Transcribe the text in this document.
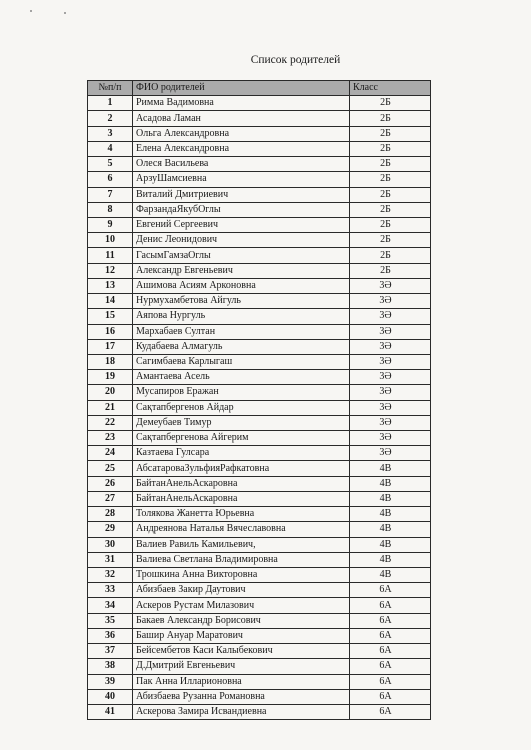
Список родителей
№п/п	ФИО родителей	Класс
1	Римма Вадимовна	2Б
2	Асадова Ламан	2Б
3	Ольга Александровна	2Б
4	Елена Александровна	2Б
5	Олеся Васильева	2Б
6	АрзуШамсиевна	2Б
7	Виталий Дмитриевич	2Б
8	ФарзандаЯкубОглы	2Б
9	Евгений Сергеевич	2Б
10	Денис Леонидович	2Б
11	ГасымГамзаОглы	2Б
12	Александр Евгеньевич	2Б
13	Ашимова Асиям Арконовна	3Ә
14	Нурмухамбетова Айгуль	3Ә
15	Аяпова Нургуль	3Ә
16	Мархабаев Султан	3Ә
17	Кудабаева Алмагуль	3Ә
18	Сагимбаева Карлыгаш	3Ә
19	Амантаева Асель	3Ә
20	Мусапиров Еражан	3Ә
21	Сақтапбергенов Айдар	3Ә
22	Демеубаев Тимур	3Ә
23	Сақтапбергенова Айгерим	3Ә
24	Казтаева Гулсара	3Ә
25	АбсатароваЗульфияРафкатовна	4В
26	БайтанАнельАскаровна	4В
27	БайтанАнельАскаровна	4В
28	Толякова Жанетта Юрьевна	4В
29	Андреянова Наталья Вячеславовна	4В
30	Валиев Равиль Камильевич,	4В
31	Валиева Светлана Владимировна	4В
32	Трошкина Анна Викторовна	4В
33	Абизбаев Закир Даутович	6А
34	Аскеров Рустам Милазович	6А
35	Бакаев Александр Борисович	6А
36	Башир Ануар Маратович	6А
37	Бейсембетов Каси Калыбекович	6А
38	Д.Дмитрий Евгеньевич	6А
39	Пак Анна Илларионовна	6А
40	Абизбаева Рузанна Романовна	6А
41	Аскерова Замира Исвандиевна	6А
